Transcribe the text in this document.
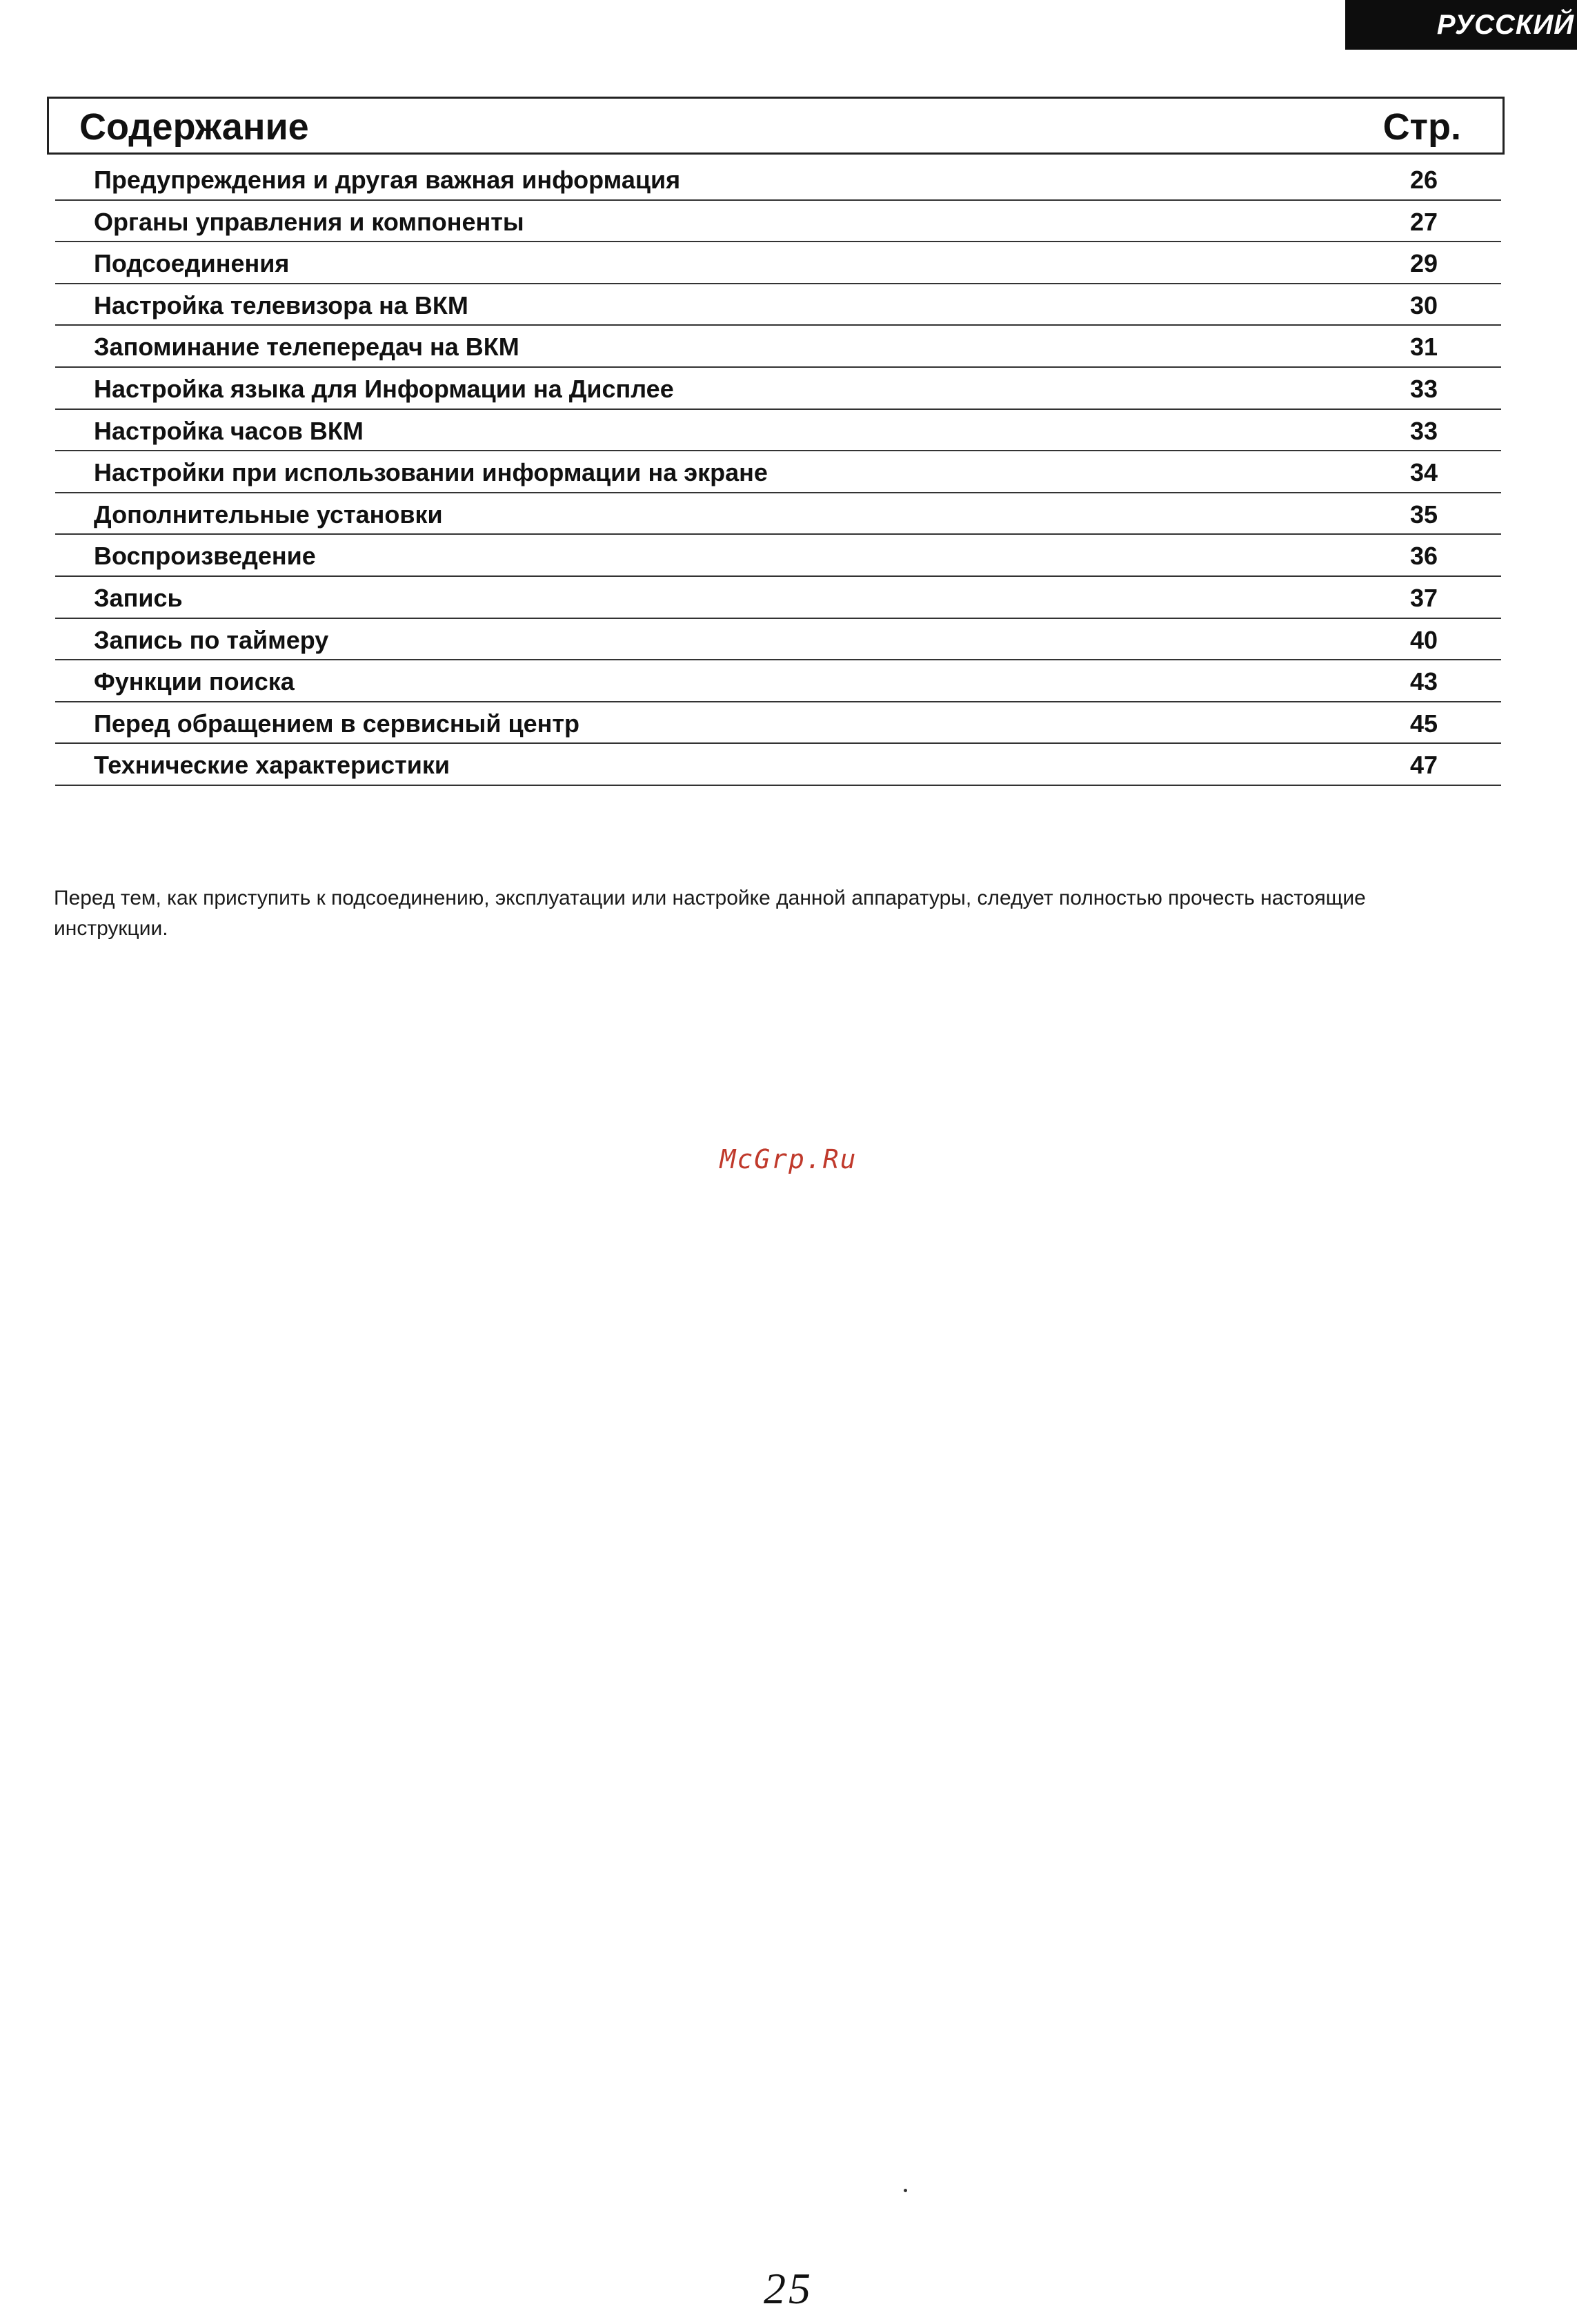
РУССКИЙ
Содержание	Стр.
Предупреждения и другая важная информация	26
Органы управления и компоненты	27
Подсоединения	29
Настройка телевизора на ВКМ	30
Запоминание телепередач на ВКМ	31
Настройка языка для Информации на Дисплее	33
Настройка часов ВКМ	33
Настройки при использовании информации на экране	34
Дополнительные установки	35
Воспроизведение	36
Запись	37
Запись по таймеру	40
Функции поиска	43
Перед обращением в сервисный центр	45
Технические характеристики	47

Перед тем, как приступить к подсоединению, эксплуатации или настройке данной аппаратуры, следует полностью прочесть настоящие инструкции.

McGrp.Ru
25
